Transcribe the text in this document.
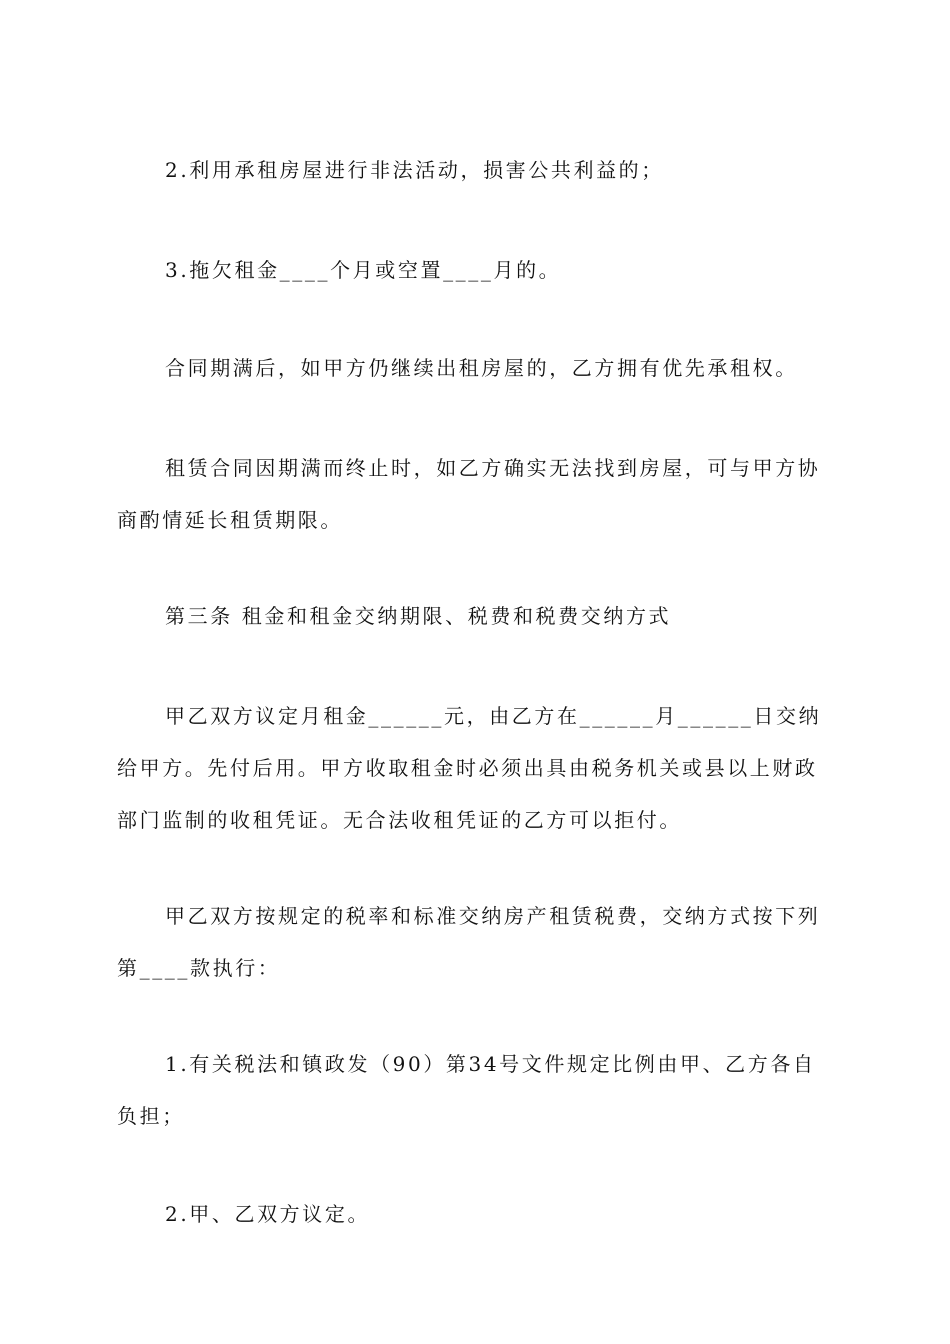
2.利用承租房屋进行非法活动，损害公共利益的；

3.拖欠租金____个月或空置____月的。

合同期满后，如甲方仍继续出租房屋的，乙方拥有优先承租权。

租赁合同因期满而终止时，如乙方确实无法找到房屋，可与甲方协商酌情延长租赁期限。

第三条 租金和租金交纳期限、税费和税费交纳方式

甲乙双方议定月租金______元，由乙方在______月______日交纳给甲方。先付后用。甲方收取租金时必须出具由税务机关或县以上财政部门监制的收租凭证。无合法收租凭证的乙方可以拒付。

甲乙双方按规定的税率和标准交纳房产租赁税费，交纳方式按下列第____款执行：

1.有关税法和镇政发（90）第34号文件规定比例由甲、乙方各自负担；

2.甲、乙双方议定。
